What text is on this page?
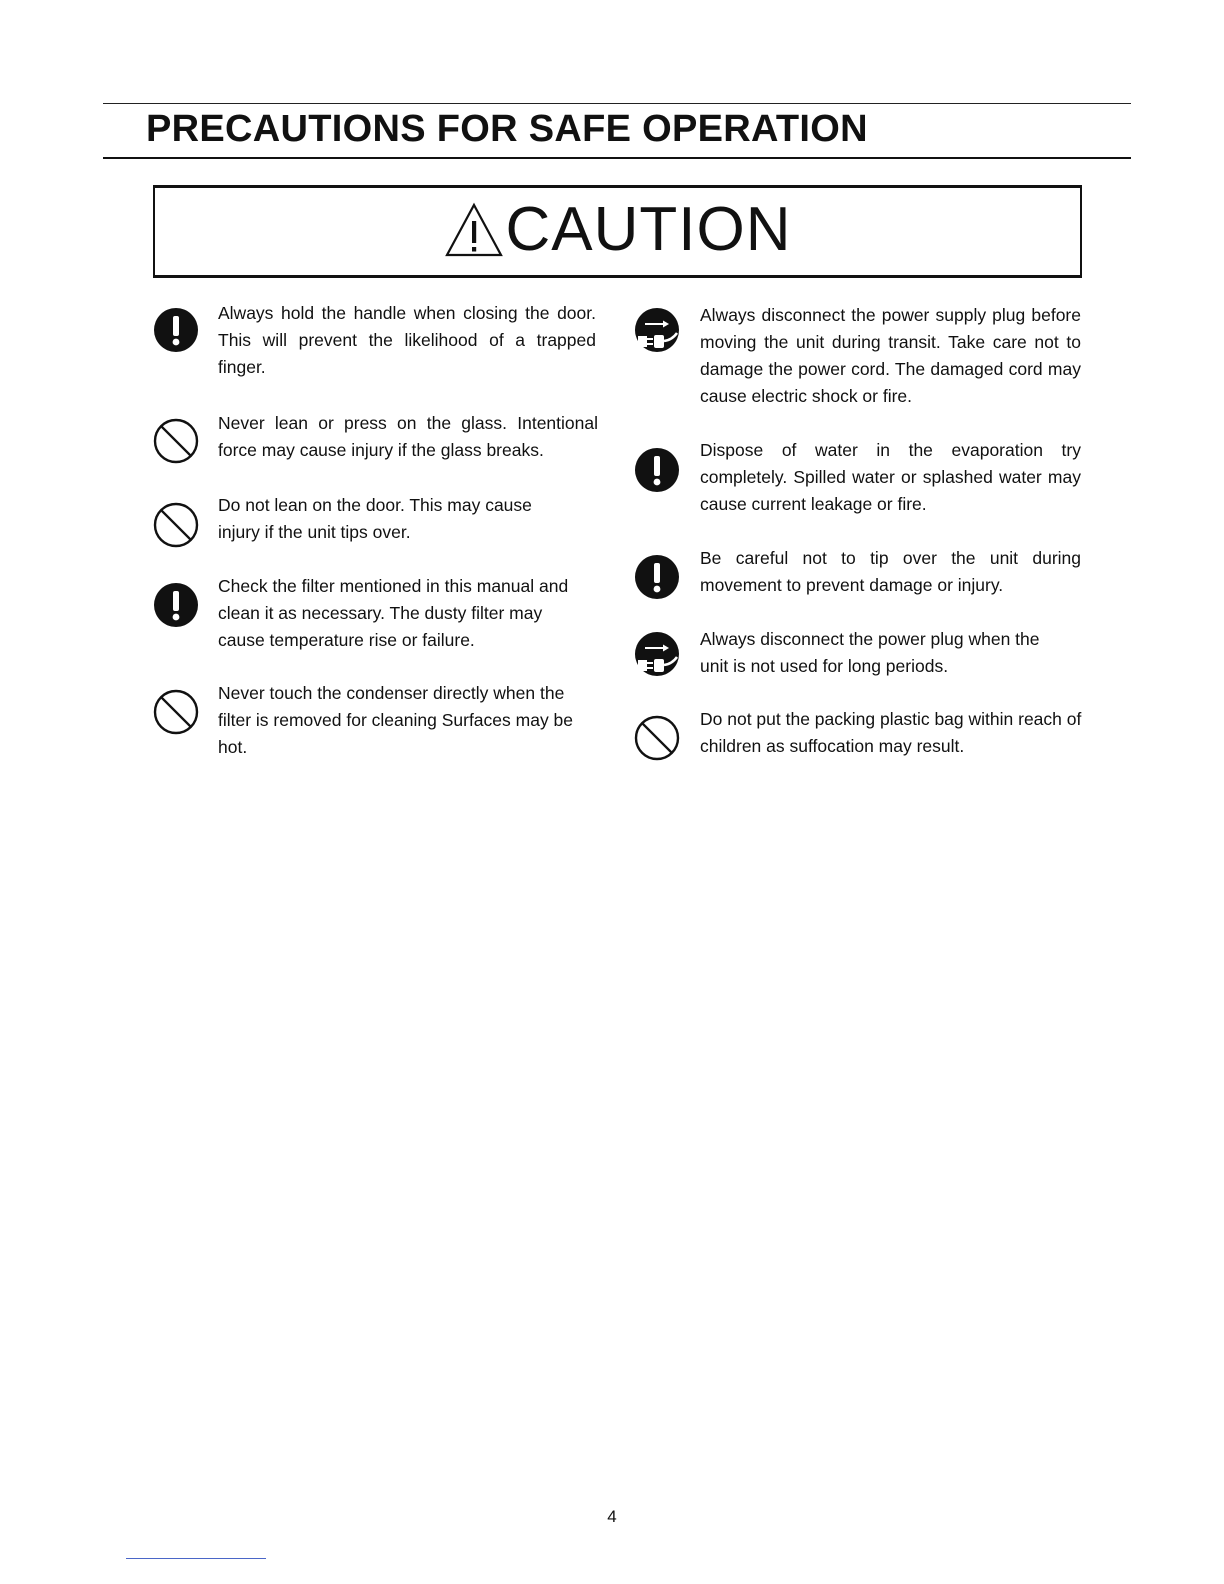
PRECAUTIONS FOR SAFE OPERATION
CAUTION
Always hold the handle when closing the door. This will prevent the likelihood of a trapped finger.
Never lean or press on the glass. Intentional force may cause injury if the glass breaks.
Do not lean on the door. This may cause injury if the unit tips over.
Check the filter mentioned in this manual and clean it as necessary. The dusty filter may cause temperature rise or failure.
Never touch the condenser directly when the filter is removed for cleaning Surfaces may be hot.
Always disconnect the power supply plug before moving the unit during transit. Take care not to damage the power cord. The damaged cord may cause electric shock or fire.
Dispose of water in the evaporation try completely. Spilled water or splashed water may cause current leakage or fire.
Be careful not to tip over the unit during movement to prevent damage or injury.
Always disconnect the power plug when the unit is not used for long periods.
Do not put the packing plastic bag within reach of children as suffocation may result.
4
